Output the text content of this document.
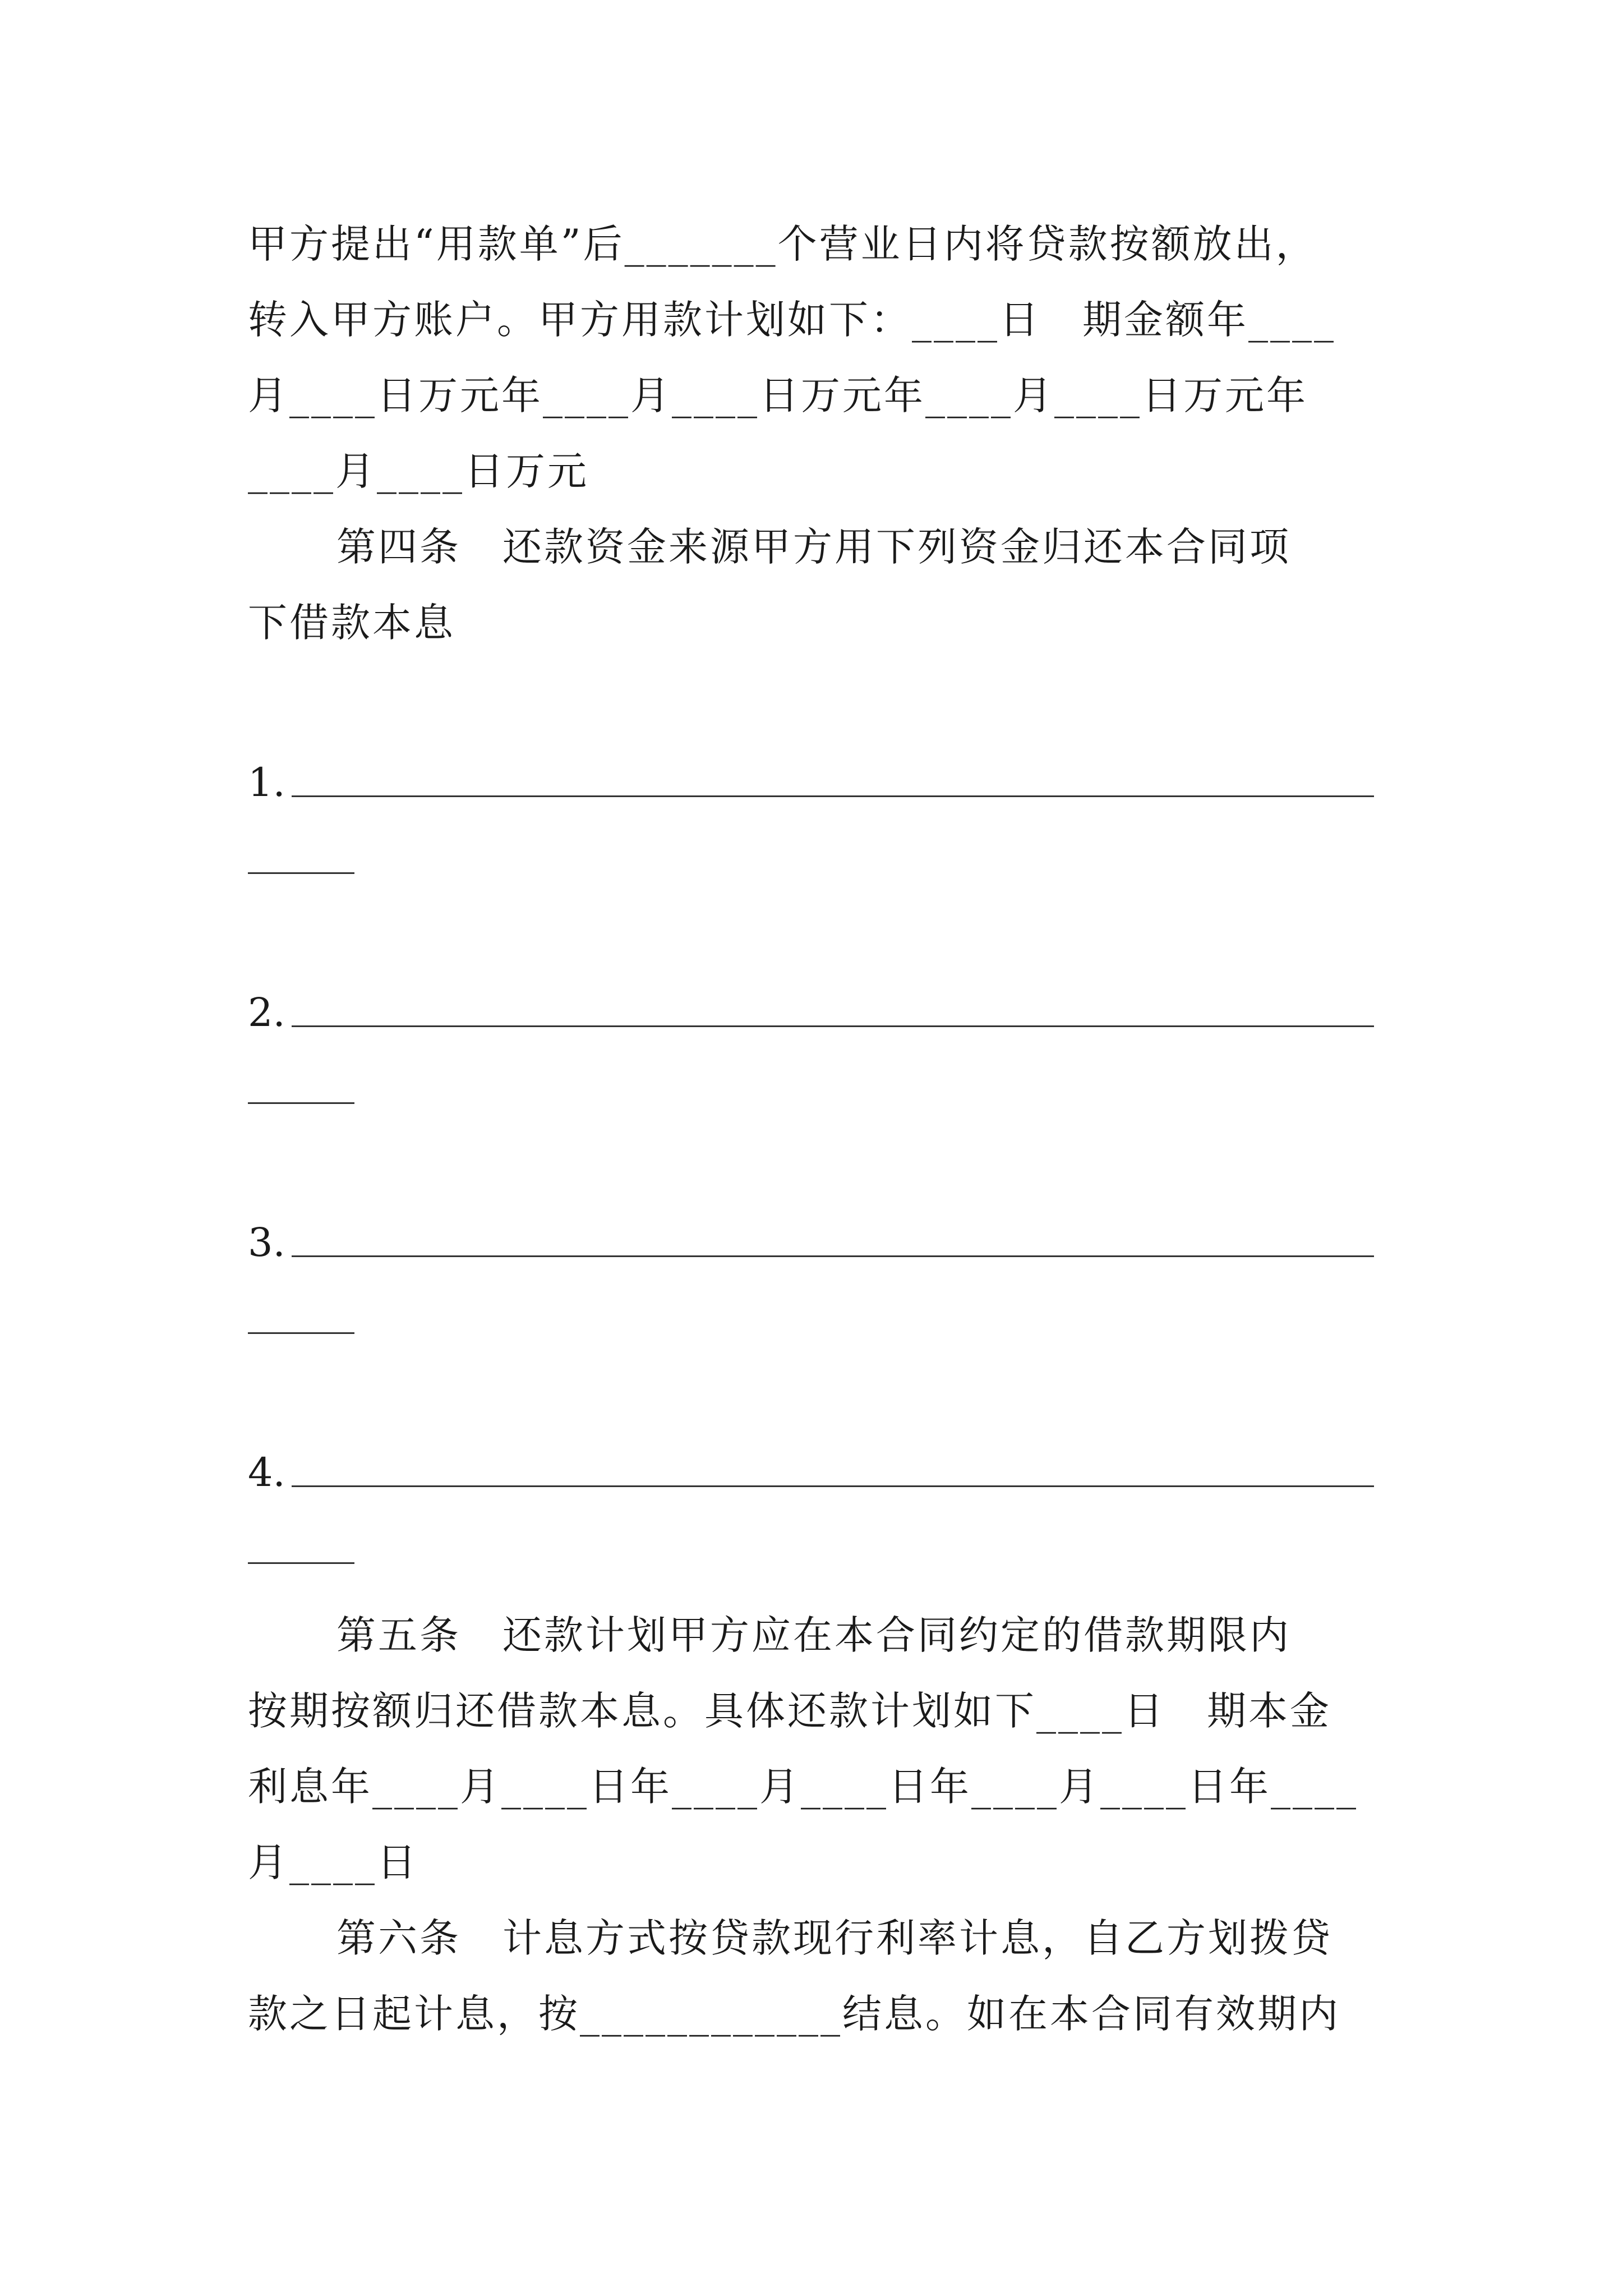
甲方提出“用款单”后_______个营业日内将贷款按额放出，
转入甲方账户。甲方用款计划如下：____日　期金额年____
月____日万元年____月____日万元年____月____日万元年
____月____日万元
第四条　还款资金来源甲方用下列资金归还本合同项
下借款本息
1.
2.
3.
4.
第五条　还款计划甲方应在本合同约定的借款期限内
按期按额归还借款本息。具体还款计划如下____日　期本金
利息年____月____日年____月____日年____月____日年____
月____日
第六条　计息方式按贷款现行利率计息，自乙方划拨贷
款之日起计息，按____________结息。如在本合同有效期内
